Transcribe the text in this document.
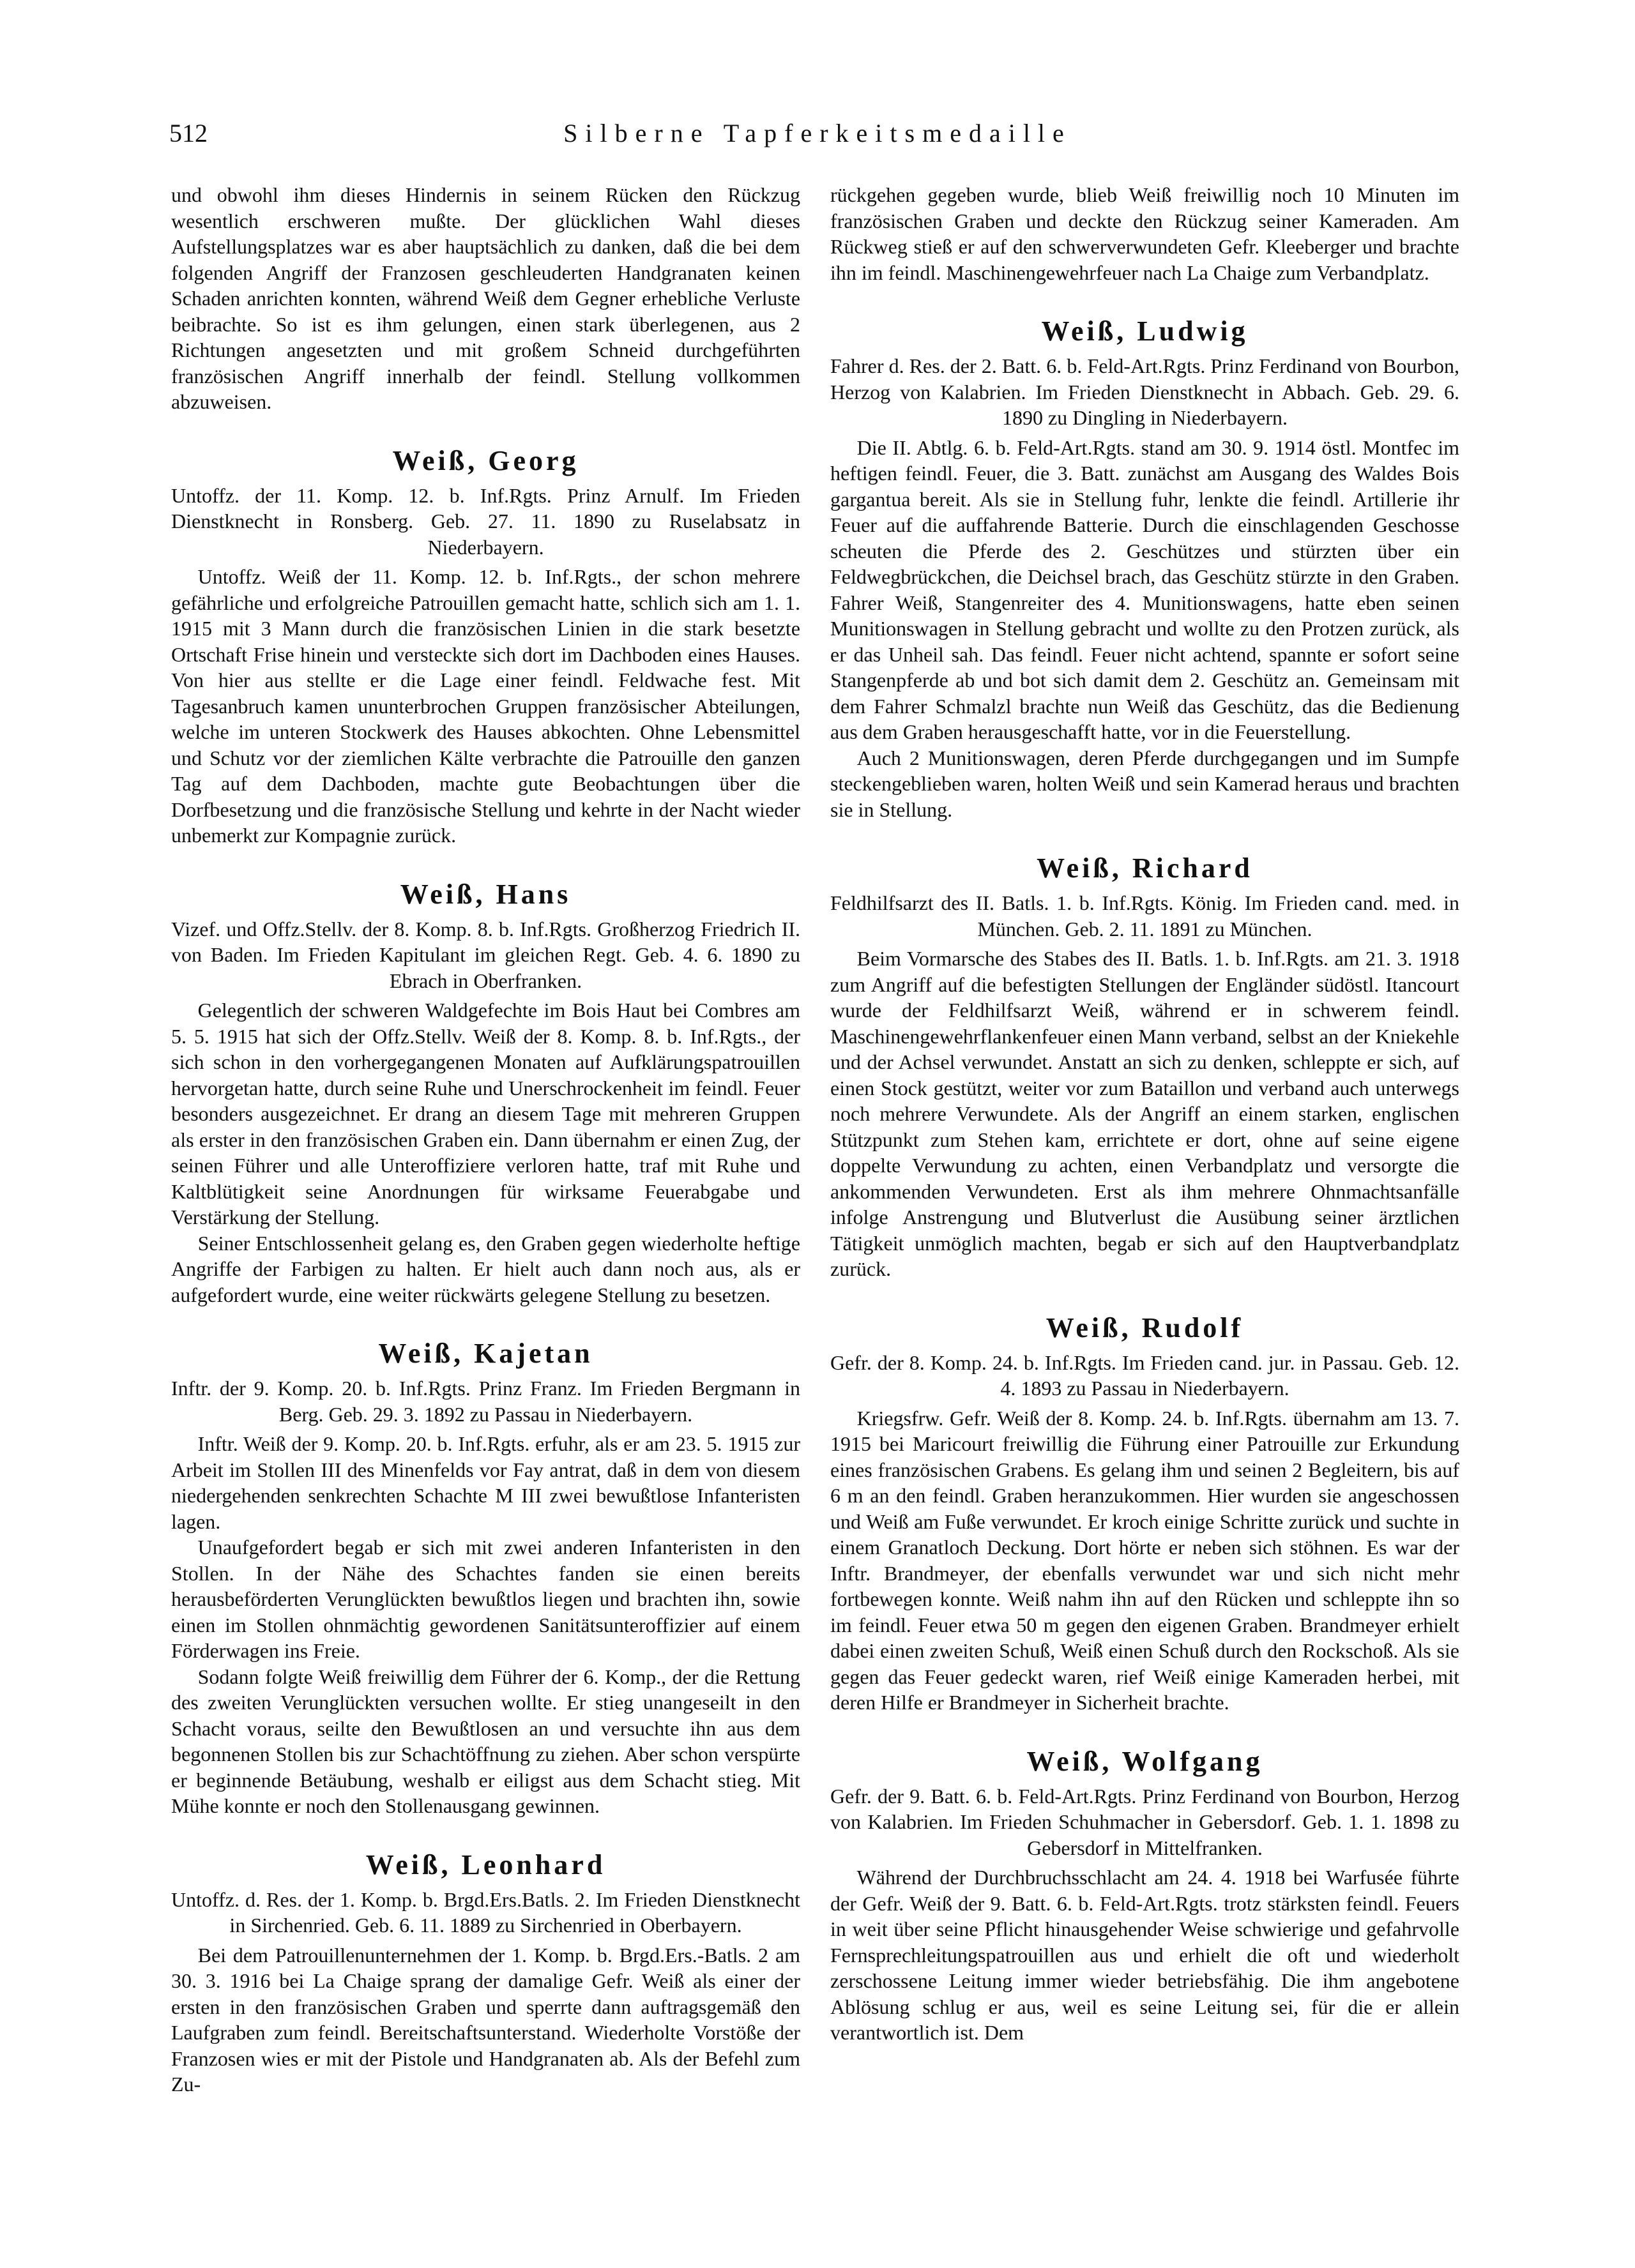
512	Silberne Tapferkeitsmedaille

und obwohl ihm dieses Hindernis in seinem Rücken den Rückzug wesentlich erschweren mußte. Der glücklichen Wahl dieses Aufstellungsplatzes war es aber hauptsächlich zu danken, daß die bei dem folgenden Angriff der Franzosen geschleuderten Handgranaten keinen Schaden anrichten konnten, während Weiß dem Gegner erhebliche Verluste beibrachte. So ist es ihm gelungen, einen stark überlegenen, aus 2 Richtungen angesetzten und mit großem Schneid durchgeführten französischen Angriff innerhalb der feindl. Stellung vollkommen abzuweisen.

Weiß, Georg

Untoffz. der 11. Komp. 12. b. Inf.Rgts. Prinz Arnulf. Im Frieden Dienstknecht in Ronsberg. Geb. 27. 11. 1890 zu Ruselabsatz in Niederbayern.

Untoffz. Weiß der 11. Komp. 12. b. Inf.Rgts., der schon mehrere gefährliche und erfolgreiche Patrouillen gemacht hatte, schlich sich am 1. 1. 1915 mit 3 Mann durch die französischen Linien in die stark besetzte Ortschaft Frise hinein und versteckte sich dort im Dachboden eines Hauses. Von hier aus stellte er die Lage einer feindl. Feldwache fest. Mit Tagesanbruch kamen ununterbrochen Gruppen französischer Abteilungen, welche im unteren Stockwerk des Hauses abkochten. Ohne Lebensmittel und Schutz vor der ziemlichen Kälte verbrachte die Patrouille den ganzen Tag auf dem Dachboden, machte gute Beobachtungen über die Dorfbesetzung und die französische Stellung und kehrte in der Nacht wieder unbemerkt zur Kompagnie zurück.

Weiß, Hans

Vizef. und Offz.Stellv. der 8. Komp. 8. b. Inf.Rgts. Großherzog Friedrich II. von Baden. Im Frieden Kapitulant im gleichen Regt. Geb. 4. 6. 1890 zu Ebrach in Oberfranken.

Gelegentlich der schweren Waldgefechte im Bois Haut bei Combres am 5. 5. 1915 hat sich der Offz.Stellv. Weiß der 8. Komp. 8. b. Inf.Rgts., der sich schon in den vorhergegangenen Monaten auf Aufklärungspatrouillen hervorgetan hatte, durch seine Ruhe und Unerschrockenheit im feindl. Feuer besonders ausgezeichnet. Er drang an diesem Tage mit mehreren Gruppen als erster in den französischen Graben ein. Dann übernahm er einen Zug, der seinen Führer und alle Unteroffiziere verloren hatte, traf mit Ruhe und Kaltblütigkeit seine Anordnungen für wirksame Feuerabgabe und Verstärkung der Stellung.

Seiner Entschlossenheit gelang es, den Graben gegen wiederholte heftige Angriffe der Farbigen zu halten. Er hielt auch dann noch aus, als er aufgefordert wurde, eine weiter rückwärts gelegene Stellung zu besetzen.

Weiß, Kajetan

Inftr. der 9. Komp. 20. b. Inf.Rgts. Prinz Franz. Im Frieden Bergmann in Berg. Geb. 29. 3. 1892 zu Passau in Niederbayern.

Inftr. Weiß der 9. Komp. 20. b. Inf.Rgts. erfuhr, als er am 23. 5. 1915 zur Arbeit im Stollen III des Minenfelds vor Fay antrat, daß in dem von diesem niedergehenden senkrechten Schachte M III zwei bewußtlose Infanteristen lagen.

Unaufgefordert begab er sich mit zwei anderen Infanteristen in den Stollen. In der Nähe des Schachtes fanden sie einen bereits herausbeförderten Verunglückten bewußtlos liegen und brachten ihn, sowie einen im Stollen ohnmächtig gewordenen Sanitätsunteroffizier auf einem Förderwagen ins Freie.

Sodann folgte Weiß freiwillig dem Führer der 6. Komp., der die Rettung des zweiten Verunglückten versuchen wollte. Er stieg unangeseilt in den Schacht voraus, seilte den Bewußtlosen an und versuchte ihn aus dem begonnenen Stollen bis zur Schachtöffnung zu ziehen. Aber schon verspürte er beginnende Betäubung, weshalb er eiligst aus dem Schacht stieg. Mit Mühe konnte er noch den Stollenausgang gewinnen.

Weiß, Leonhard

Untoffz. d. Res. der 1. Komp. b. Brgd.Ers.Batls. 2. Im Frieden Dienstknecht in Sirchenried. Geb. 6. 11. 1889 zu Sirchenried in Oberbayern.

Bei dem Patrouillenunternehmen der 1. Komp. b. Brgd.Ers.-Batls. 2 am 30. 3. 1916 bei La Chaige sprang der damalige Gefr. Weiß als einer der ersten in den französischen Graben und sperrte dann auftragsgemäß den Laufgraben zum feindl. Bereitschaftsunterstand. Wiederholte Vorstöße der Franzosen wies er mit der Pistole und Handgranaten ab. Als der Befehl zum Zu-

rückgehen gegeben wurde, blieb Weiß freiwillig noch 10 Minuten im französischen Graben und deckte den Rückzug seiner Kameraden. Am Rückweg stieß er auf den schwerverwundeten Gefr. Kleeberger und brachte ihn im feindl. Maschinengewehrfeuer nach La Chaige zum Verbandplatz.

Weiß, Ludwig

Fahrer d. Res. der 2. Batt. 6. b. Feld-Art.Rgts. Prinz Ferdinand von Bourbon, Herzog von Kalabrien. Im Frieden Dienstknecht in Abbach. Geb. 29. 6. 1890 zu Dingling in Niederbayern.

Die II. Abtlg. 6. b. Feld-Art.Rgts. stand am 30. 9. 1914 östl. Montfec im heftigen feindl. Feuer, die 3. Batt. zunächst am Ausgang des Waldes Bois gargantua bereit. Als sie in Stellung fuhr, lenkte die feindl. Artillerie ihr Feuer auf die auffahrende Batterie. Durch die einschlagenden Geschosse scheuten die Pferde des 2. Geschützes und stürzten über ein Feldwegbrückchen, die Deichsel brach, das Geschütz stürzte in den Graben. Fahrer Weiß, Stangenreiter des 4. Munitionswagens, hatte eben seinen Munitionswagen in Stellung gebracht und wollte zu den Protzen zurück, als er das Unheil sah. Das feindl. Feuer nicht achtend, spannte er sofort seine Stangenpferde ab und bot sich damit dem 2. Geschütz an. Gemeinsam mit dem Fahrer Schmalzl brachte nun Weiß das Geschütz, das die Bedienung aus dem Graben herausgeschafft hatte, vor in die Feuerstellung.

Auch 2 Munitionswagen, deren Pferde durchgegangen und im Sumpfe steckengeblieben waren, holten Weiß und sein Kamerad heraus und brachten sie in Stellung.

Weiß, Richard

Feldhilfsarzt des II. Batls. 1. b. Inf.Rgts. König. Im Frieden cand. med. in München. Geb. 2. 11. 1891 zu München.

Beim Vormarsche des Stabes des II. Batls. 1. b. Inf.Rgts. am 21. 3. 1918 zum Angriff auf die befestigten Stellungen der Engländer südöstl. Itancourt wurde der Feldhilfsarzt Weiß, während er in schwerem feindl. Maschinengewehrflankenfeuer einen Mann verband, selbst an der Kniekehle und der Achsel verwundet. Anstatt an sich zu denken, schleppte er sich, auf einen Stock gestützt, weiter vor zum Bataillon und verband auch unterwegs noch mehrere Verwundete. Als der Angriff an einem starken, englischen Stützpunkt zum Stehen kam, errichtete er dort, ohne auf seine eigene doppelte Verwundung zu achten, einen Verbandplatz und versorgte die ankommenden Verwundeten. Erst als ihm mehrere Ohnmachtsanfälle infolge Anstrengung und Blutverlust die Ausübung seiner ärztlichen Tätigkeit unmöglich machten, begab er sich auf den Hauptverbandplatz zurück.

Weiß, Rudolf

Gefr. der 8. Komp. 24. b. Inf.Rgts. Im Frieden cand. jur. in Passau. Geb. 12. 4. 1893 zu Passau in Niederbayern.

Kriegsfrw. Gefr. Weiß der 8. Komp. 24. b. Inf.Rgts. übernahm am 13. 7. 1915 bei Maricourt freiwillig die Führung einer Patrouille zur Erkundung eines französischen Grabens. Es gelang ihm und seinen 2 Begleitern, bis auf 6 m an den feindl. Graben heranzukommen. Hier wurden sie angeschossen und Weiß am Fuße verwundet. Er kroch einige Schritte zurück und suchte in einem Granatloch Deckung. Dort hörte er neben sich stöhnen. Es war der Inftr. Brandmeyer, der ebenfalls verwundet war und sich nicht mehr fortbewegen konnte. Weiß nahm ihn auf den Rücken und schleppte ihn so im feindl. Feuer etwa 50 m gegen den eigenen Graben. Brandmeyer erhielt dabei einen zweiten Schuß, Weiß einen Schuß durch den Rockschoß. Als sie gegen das Feuer gedeckt waren, rief Weiß einige Kameraden herbei, mit deren Hilfe er Brandmeyer in Sicherheit brachte.

Weiß, Wolfgang

Gefr. der 9. Batt. 6. b. Feld-Art.Rgts. Prinz Ferdinand von Bourbon, Herzog von Kalabrien. Im Frieden Schuhmacher in Gebersdorf. Geb. 1. 1. 1898 zu Gebersdorf in Mittelfranken.

Während der Durchbruchsschlacht am 24. 4. 1918 bei Warfusée führte der Gefr. Weiß der 9. Batt. 6. b. Feld-Art.Rgts. trotz stärksten feindl. Feuers in weit über seine Pflicht hinausgehender Weise schwierige und gefahrvolle Fernsprechleitungspatrouillen aus und erhielt die oft und wiederholt zerschossene Leitung immer wieder betriebsfähig. Die ihm angebotene Ablösung schlug er aus, weil es seine Leitung sei, für die er allein verantwortlich ist. Dem
